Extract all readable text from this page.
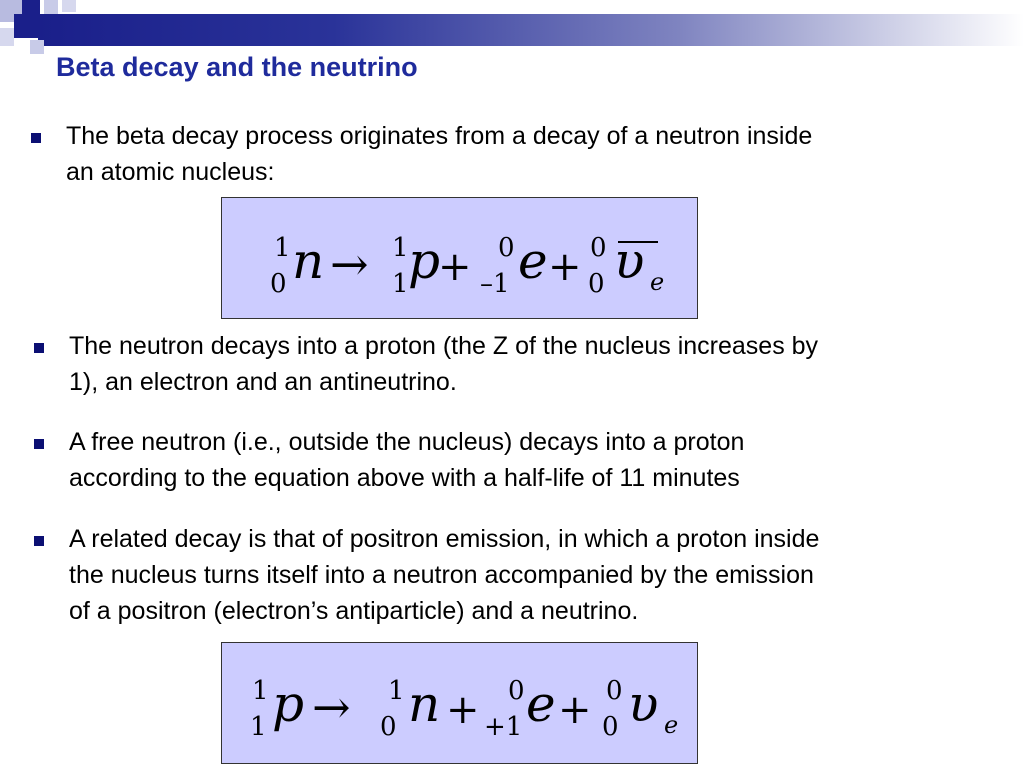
Beta decay and the neutrino
The beta decay process originates from a decay of a neutron inside
an atomic nucleus:
1
0 n → 1
1 p
+ 0
–1 e + 0
0 υ e
The neutron decays into a proton (the Z of the nucleus increases by
1), an electron and an antineutrino.
A free neutron (i.e., outside the nucleus) decays into a proton
according to the equation above with a half-life of 11 minutes
A related decay is that of positron emission, in which a proton inside
the nucleus turns itself into a neutron accompanied by the emission
of a positron (electron’s antiparticle) and a neutrino.
1
1 p → 1
0 n + 0
+1 e + 0
0 υ e
